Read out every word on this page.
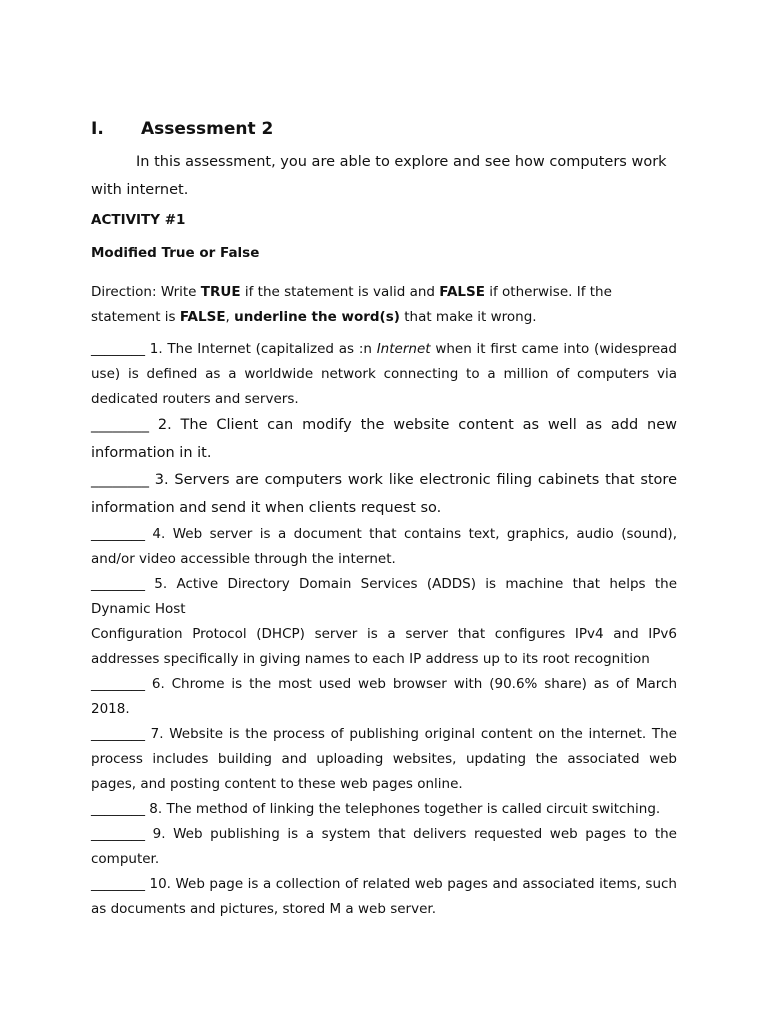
I. Assessment 2
In this assessment, you are able to explore and see how computers work with internet.
ACTIVITY #1
Modified True or False
Direction: Write TRUE if the statement is valid and FALSE if otherwise. If the statement is FALSE, underline the word(s) that make it wrong.
________ 1. The Internet (capitalized as :n Internet when it first came into (widespread use) is defined as a worldwide network connecting to a million of computers via dedicated routers and servers.
________ 2. The Client can modify the website content as well as add new information in it.
________ 3. Servers are computers work like electronic filing cabinets that store information and send it when clients request so.
________ 4. Web server is a document that contains text, graphics, audio (sound), and/or video accessible through the internet.
________ 5. Active Directory Domain Services (ADDS) is machine that helps the
Dynamic Host
Configuration Protocol (DHCP) server is a server that configures IPv4 and IPv6
addresses specifically in giving names to each IP address up to its root recognition
________ 6. Chrome is the most used web browser with (90.6% share) as of March 2018.
________ 7. Website is the process of publishing original content on the internet. The process includes building and uploading websites, updating the associated web pages, and posting content to these web pages online.
________ 8. The method of linking the telephones together is called circuit switching.
________ 9. Web publishing is a system that delivers requested web pages to the computer.
________ 10. Web page is a collection of related web pages and associated items, such as documents and pictures, stored M a web server.
